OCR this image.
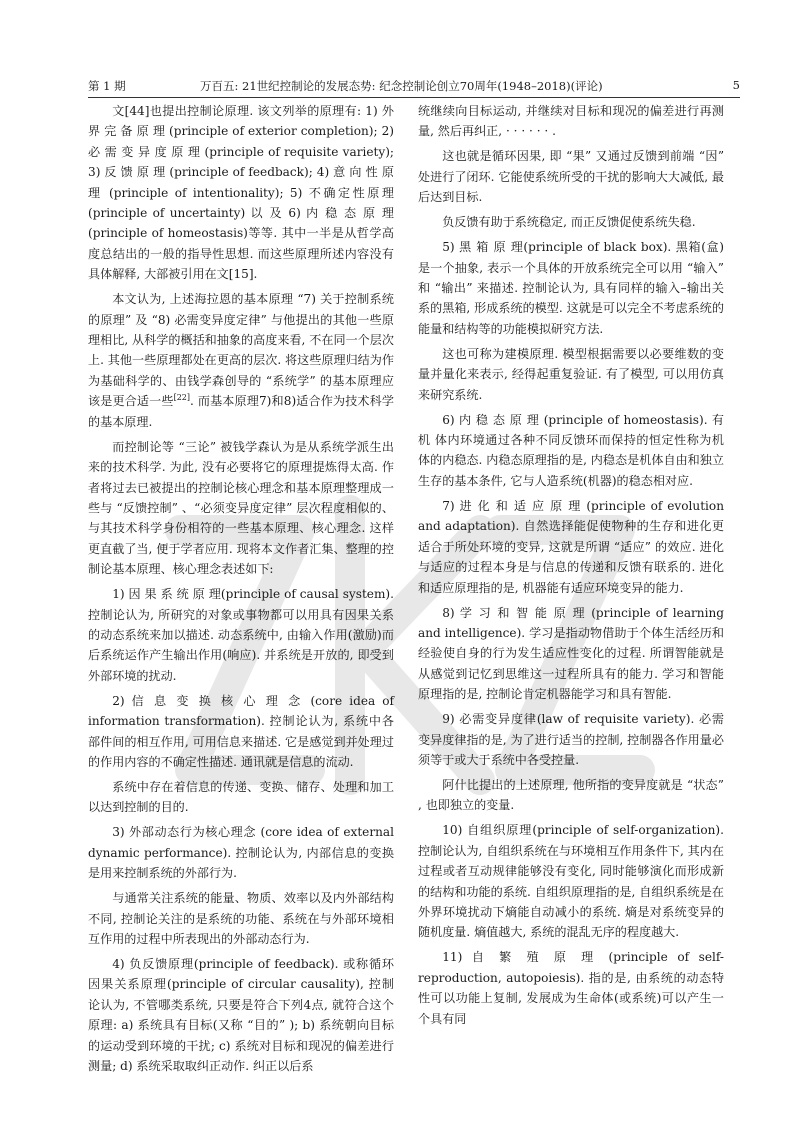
第 1 期	万百五: 21世纪控制论的发展态势: 纪念控制论创立70周年(1948–2018)(评论)	5

文[44]也提出控制论原理. 该文列举的原理有: 1) 外 界 完 备 原 理 (principle of exterior completion); 2) 必 需 变 异 度 原 理 (principle of requisite variety); 3) 反 馈 原 理 (principle of feedback); 4) 意 向 性 原 理 (principle of intentionality); 5) 不确定性原理(principle of uncertainty) 以 及 6) 内 稳 态 原 理 (principle of homeostasis)等等. 其中一半是从哲学高度总结出的一般的指导性思想. 而这些原理所述内容没有具体解释, 大部被引用在文[15].

本文认为, 上述海拉恩的基本原理 “7) 关于控制系统的原理” 及 “8) 必需变异度定律” 与他提出的其他一些原理相比, 从科学的概括和抽象的高度来看, 不在同一个层次上. 其他一些原理都处在更高的层次. 将这些原理归结为作为基础科学的、由钱学森创导的 “系统学” 的基本原理应该是更合适一些[22]. 而基本原理7)和8)适合作为技术科学的基本原理.

而控制论等 “三论” 被钱学森认为是从系统学派生出来的技术科学. 为此, 没有必要将它的原理提炼得太高. 作者将过去已被提出的控制论核心理念和基本原理整理成一些与 “反馈控制” 、“必须变异度定律” 层次程度相似的、与其技术科学身份相符的一些基本原理、核心理念. 这样更直截了当, 便于学者应用. 现将本文作者汇集、整理的控制论基本原理、核心理念表述如下:

1) 因 果 系 统 原 理(principle of causal system). 控制论认为, 所研究的对象或事物都可以用具有因果关系的动态系统来加以描述. 动态系统中, 由输入作用(激励)而后系统运作产生输出作用(响应). 并系统是开放的, 即受到外部环境的扰动.

2) 信 息 变 换 核 心 理 念 (core idea of information transformation). 控制论认为, 系统中各部件间的相互作用, 可用信息来描述. 它是感觉到并处理过的作用内容的不确定性描述. 通讯就是信息的流动.

系统中存在着信息的传递、变换、储存、处理和加工以达到控制的目的.

3) 外部动态行为核心理念 (core idea of external dynamic performance). 控制论认为, 内部信息的变换是用来控制系统的外部行为.

与通常关注系统的能量、物质、效率以及内外部结构不同, 控制论关注的是系统的功能、系统在与外部环境相互作用的过程中所表现出的外部动态行为.

4) 负反馈原理(principle of feedback). 或称循环因果关系原理(principle of circular causality), 控制论认为, 不管哪类系统, 只要是符合下列4点, 就符合这个原理: a) 系统具有目标(又称 “目的” ); b) 系统朝向目标的运动受到环境的干扰; c) 系统对目标和现况的偏差进行测量; d) 系统采取取纠正动作. 纠正以后系

统继续向目标运动, 并继续对目标和现况的偏差进行再测量, 然后再纠正, · · · · · · .

这也就是循环因果, 即 “果” 又通过反馈到前端 “因” 处进行了闭环. 它能使系统所受的干扰的影响大大减低, 最后达到目标.

负反馈有助于系统稳定, 而正反馈促使系统失稳.

5) 黑 箱 原 理(principle of black box). 黑箱(盒)是一个抽象, 表示一个具体的开放系统完全可以用 “输入” 和 “输出” 来描述. 控制论认为, 具有同样的输入–输出关系的黑箱, 形成系统的模型. 这就是可以完全不考虑系统的能量和结构等的功能模拟研究方法.

这也可称为建模原理. 模型根据需要以必要维数的变量并量化来表示, 经得起重复验证. 有了模型, 可以用仿真来研究系统.

6) 内 稳 态 原 理 (principle of homeostasis). 有 机 体内环境通过各种不同反馈环而保持的恒定性称为机体的内稳态. 内稳态原理指的是, 内稳态是机体自由和独立生存的基本条件, 它与人造系统(机器)的稳态相对应.

7) 进 化 和 适 应 原 理 (principle of evolution and adaptation). 自然选择能促使物种的生存和进化更适合于所处环境的变异, 这就是所谓 “适应” 的效应. 进化与适应的过程本身是与信息的传递和反馈有联系的. 进化和适应原理指的是, 机器能有适应环境变异的能力.

8) 学 习 和 智 能 原 理 (principle of learning and intelligence). 学习是指动物借助于个体生活经历和经验使自身的行为发生适应性变化的过程. 所谓智能就是从感觉到记忆到思维这一过程所具有的能力. 学习和智能原理指的是, 控制论肯定机器能学习和具有智能.

9) 必需变异度律(law of requisite variety). 必需变异度律指的是, 为了进行适当的控制, 控制器各作用量必须等于或大于系统中各受控量.

阿什比提出的上述原理, 他所指的变异度就是 “状态” , 也即独立的变量.

10) 自组织原理(principle of self-organization). 控制论认为, 自组织系统在与环境相互作用条件下, 其内在过程或者互动规律能够没有变化, 同时能够演化而形成新的结构和功能的系统. 自组织原理指的是, 自组织系统是在外界环境扰动下熵能自动减小的系统. 熵是对系统变异的随机度量. 熵值越大, 系统的混乱无序的程度越大.

11) 自 繁 殖 原 理 (principle of self-reproduction, autopoiesis). 指的是, 由系统的动态特性可以功能上复制, 发展成为生命体(或系统)可以产生一个具有同
